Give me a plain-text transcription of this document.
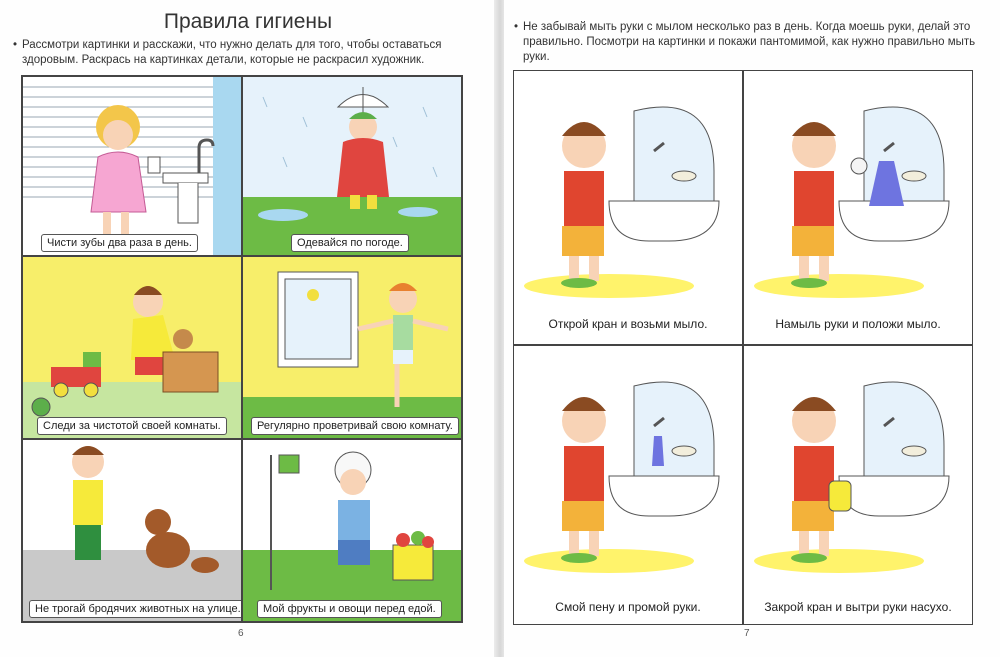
Правила гигиены
• Рассмотри картинки и расскажи, что нужно делать для того, чтобы оставаться здоровым. Раскрась на картинках детали, которые не раскрасил художник.
Чисти зубы два раза в день.	Одевайся по погоде.
Следи за чистотой своей комнаты.	Регулярно проветривай свою комнату.
Не трогай бродячих животных на улице.	Мой фрукты и овощи перед едой.
6
• Не забывай мыть руки с мылом несколько раз в день. Когда моешь руки, делай это правильно. Посмотри на картинки и покажи пантомимой, как нужно правильно мыть руки.
Открой кран и возьми мыло.	Намыль руки и положи мыло.
Смой пену и промой руки.	Закрой кран и вытри руки насухо.
7
